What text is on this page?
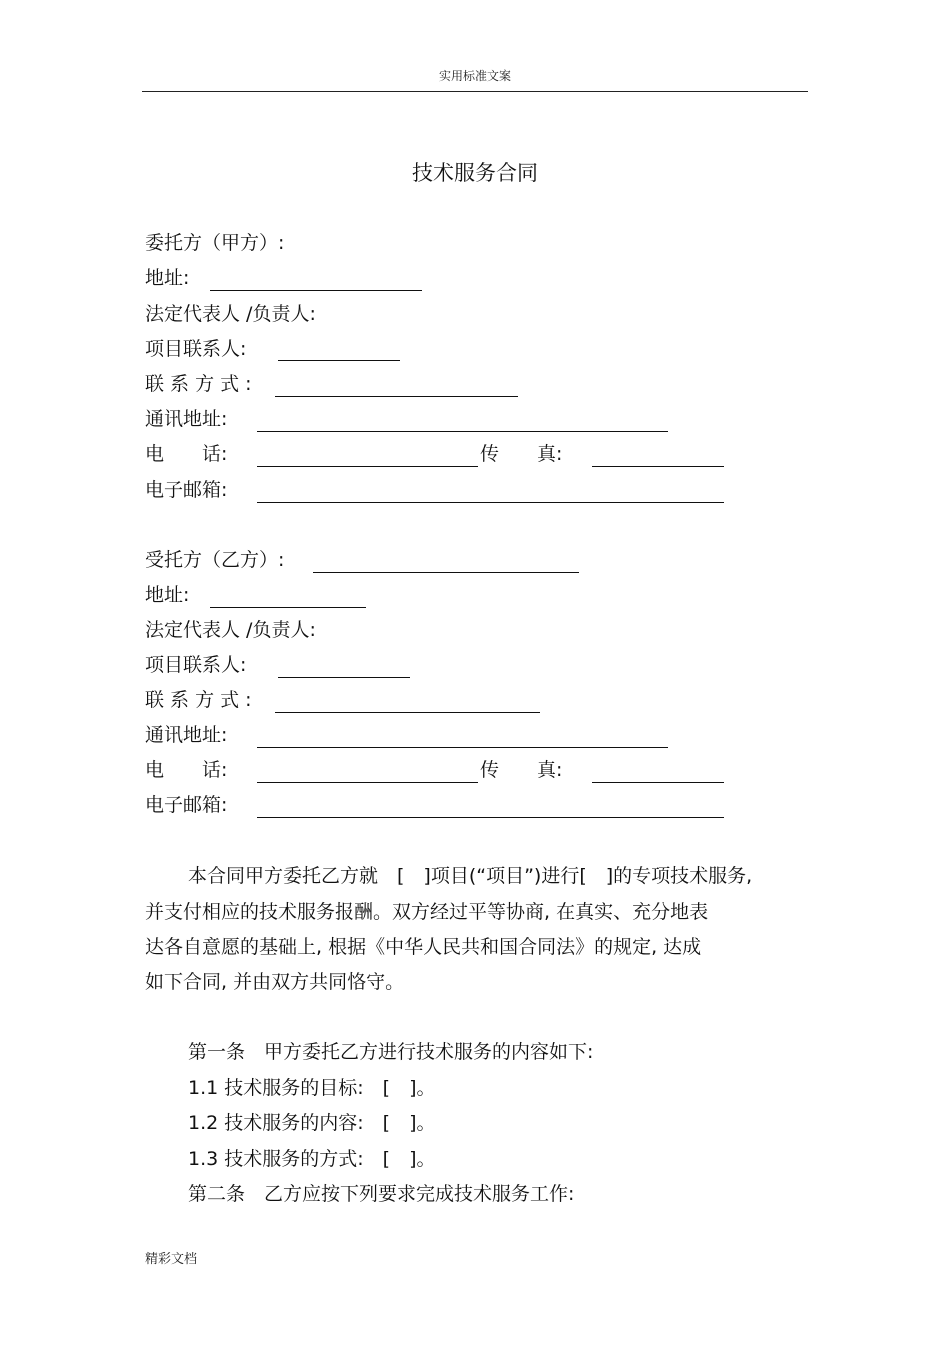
实用标准文案
技术服务合同
委托方（甲方）:
地址:
法定代表人 /负责人:
项目联系人:
联 系 方 式 :
通讯地址:
电　　话:	传　　真:
电子邮箱:
受托方（乙方）:
地址:
法定代表人 /负责人:
项目联系人:
联 系 方 式 :
通讯地址:
电　　话:	传　　真:
电子邮箱:
本合同甲方委托乙方就　[　]项目(“项目”)进行[　]的专项技术服务,
并支付相应的技术服务报酬。双方经过平等协商, 在真实、充分地表
达各自意愿的基础上, 根据《中华人民共和国合同法》的规定, 达成
如下合同, 并由双方共同恪守。
第一条　甲方委托乙方进行技术服务的内容如下:
1.1 技术服务的目标:　[　]。
1.2 技术服务的内容:　[　]。
1.3 技术服务的方式:　[　]。
第二条　乙方应按下列要求完成技术服务工作:
精彩文档
